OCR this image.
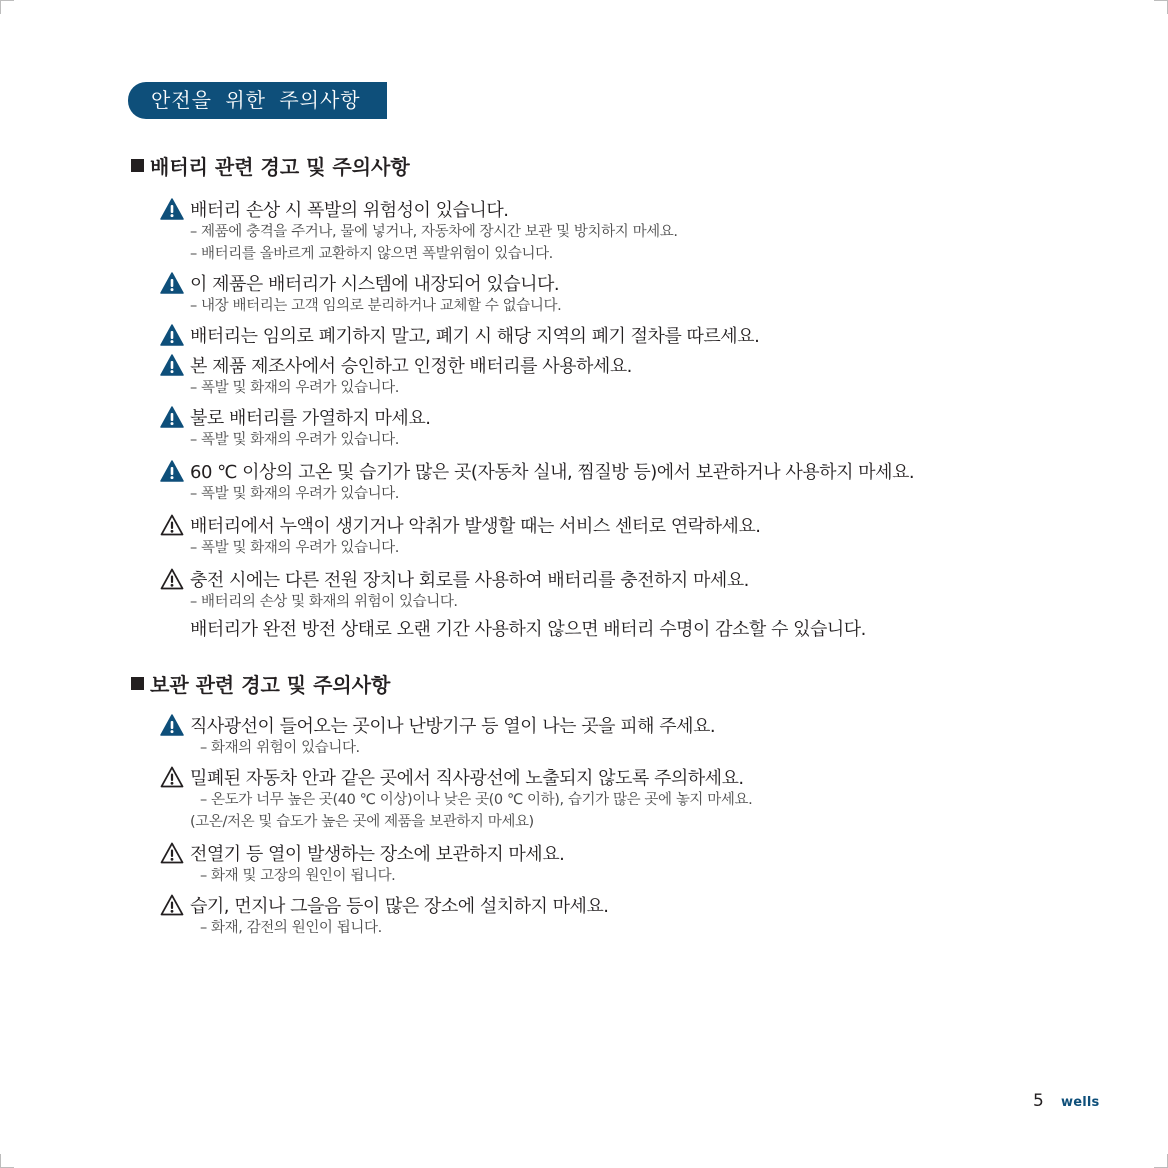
안전을 위한 주의사항
배터리 관련 경고 및 주의사항
배터리 손상 시 폭발의 위험성이 있습니다.
– 제품에 충격을 주거나, 물에 넣거나, 자동차에 장시간 보관 및 방치하지 마세요.
– 배터리를 올바르게 교환하지 않으면 폭발위험이 있습니다.
이 제품은 배터리가 시스템에 내장되어 있습니다.
– 내장 배터리는 고객 임의로 분리하거나 교체할 수 없습니다.
배터리는 임의로 폐기하지 말고, 폐기 시 해당 지역의 폐기 절차를 따르세요.
본 제품 제조사에서 승인하고 인정한 배터리를 사용하세요.
– 폭발 및 화재의 우려가 있습니다.
불로 배터리를 가열하지 마세요.
– 폭발 및 화재의 우려가 있습니다.
60 ℃ 이상의 고온 및 습기가 많은 곳(자동차 실내, 찜질방 등)에서 보관하거나 사용하지 마세요.
– 폭발 및 화재의 우려가 있습니다.
배터리에서 누액이 생기거나 악취가 발생할 때는 서비스 센터로 연락하세요.
– 폭발 및 화재의 우려가 있습니다.
충전 시에는 다른 전원 장치나 회로를 사용하여 배터리를 충전하지 마세요.
– 배터리의 손상 및 화재의 위험이 있습니다.
배터리가 완전 방전 상태로 오랜 기간 사용하지 않으면 배터리 수명이 감소할 수 있습니다.
보관 관련 경고 및 주의사항
직사광선이 들어오는 곳이나 난방기구 등 열이 나는 곳을 피해 주세요.
– 화재의 위험이 있습니다.
밀폐된 자동차 안과 같은 곳에서 직사광선에 노출되지 않도록 주의하세요.
– 온도가 너무 높은 곳(40 ℃ 이상)이나 낮은 곳(0 ℃ 이하), 습기가 많은 곳에 놓지 마세요.
(고온/저온 및 습도가 높은 곳에 제품을 보관하지 마세요)
전열기 등 열이 발생하는 장소에 보관하지 마세요.
– 화재 및 고장의 원인이 됩니다.
습기, 먼지나 그을음 등이 많은 장소에 설치하지 마세요.
– 화재, 감전의 원인이 됩니다.
5 wells
